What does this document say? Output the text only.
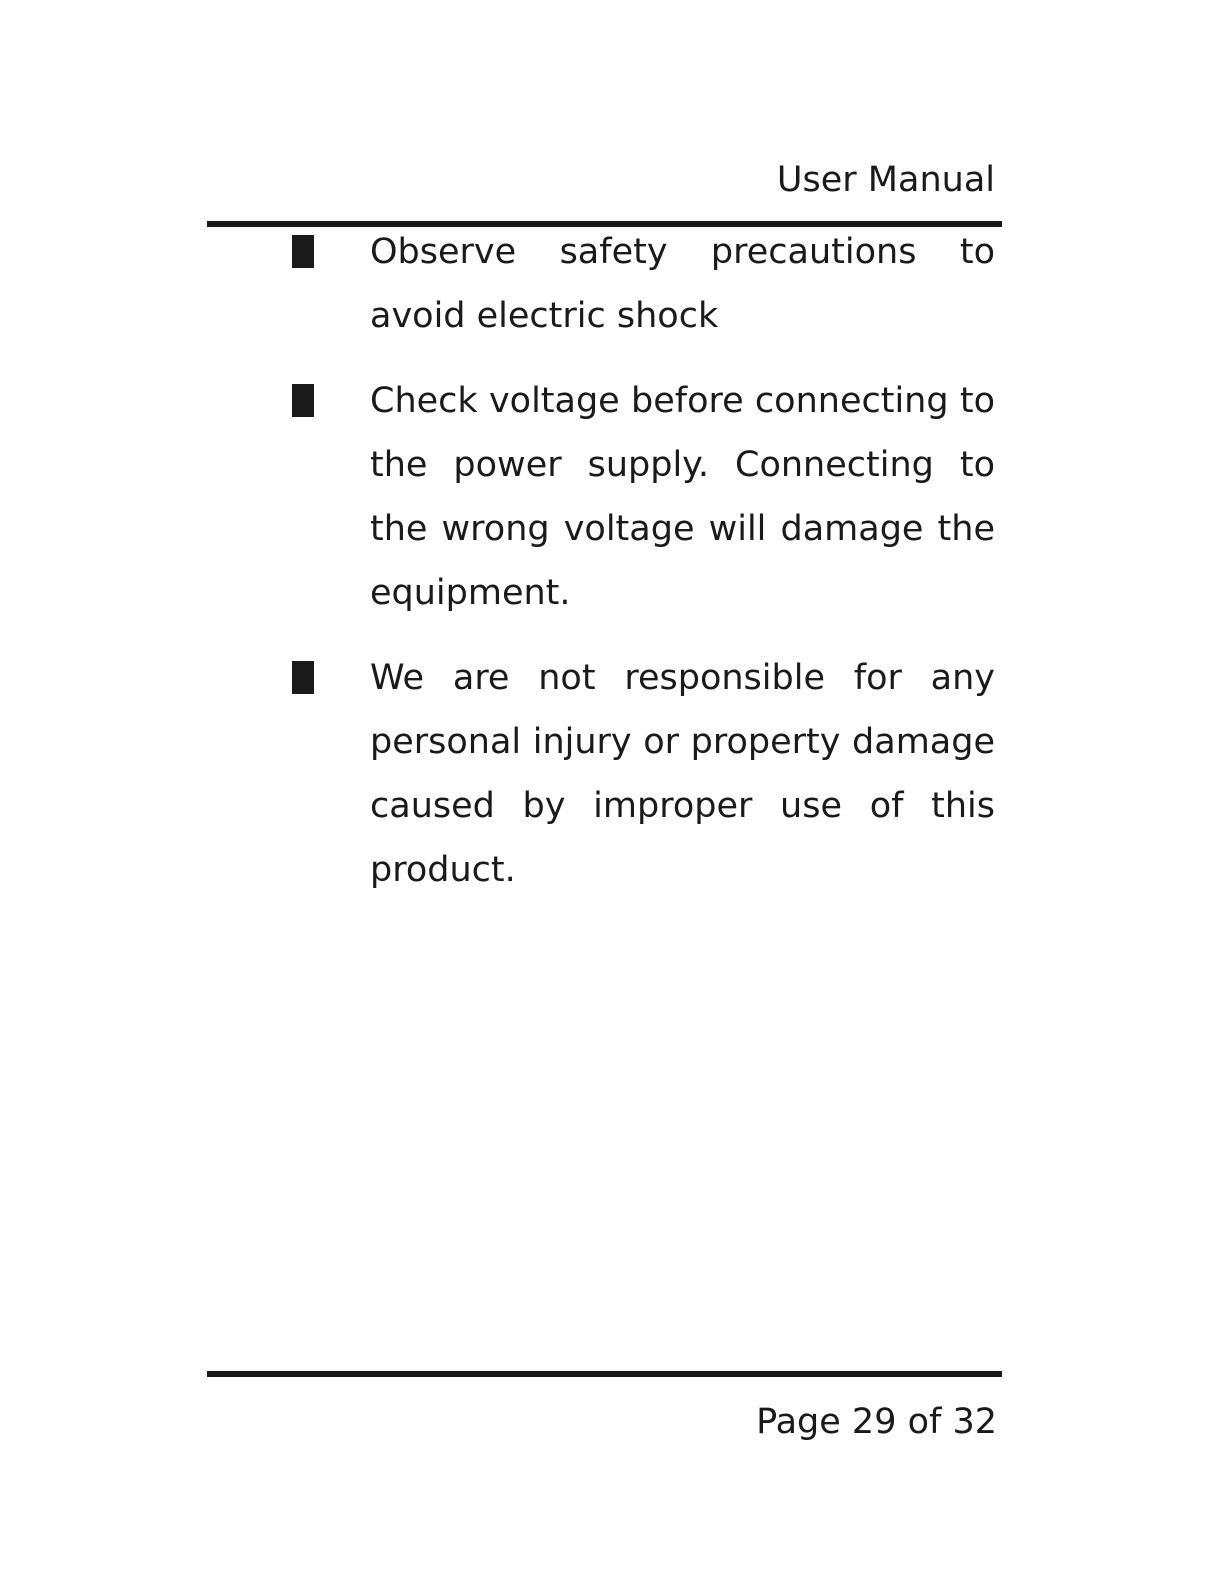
User Manual
Observe safety precautions to avoid electric shock
Check voltage before connecting to the power supply. Connecting to the wrong voltage will damage the equipment.
We are not responsible for any personal injury or property damage caused by improper use of this product.
Page 29 of 32
